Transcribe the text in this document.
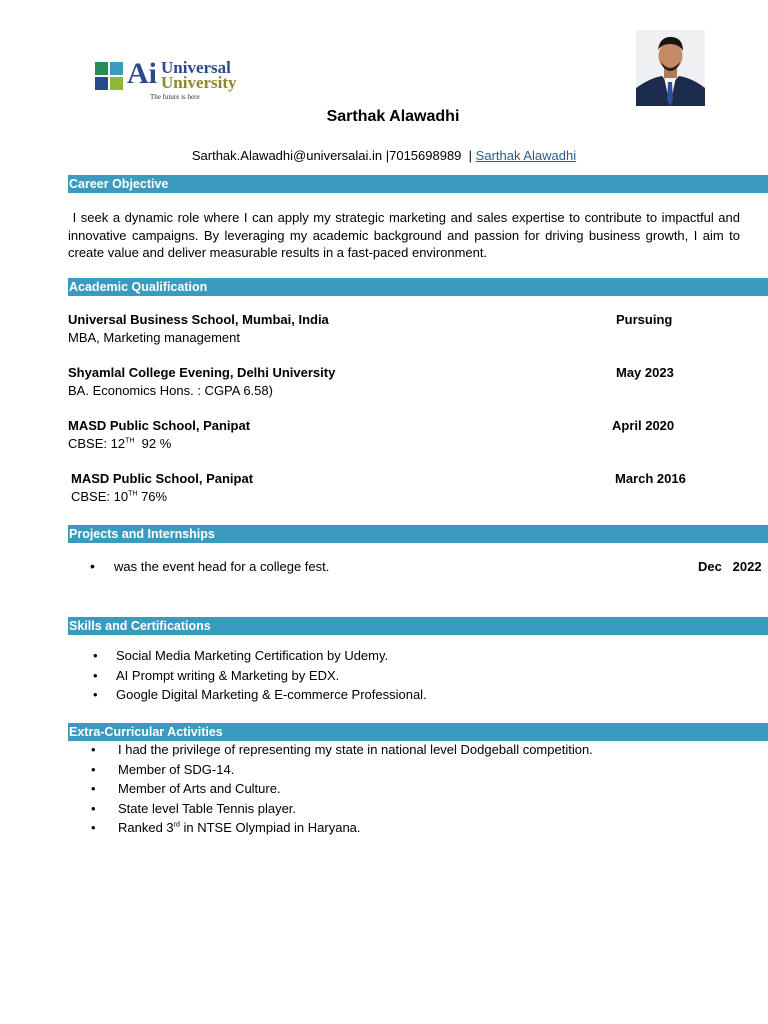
Ai Universal
University
The future is here
Sarthak Alawadhi
Sarthak.Alawadhi@universalai.in |7015698989 | Sarthak Alawadhi
Career Objective
I seek a dynamic role where I can apply my strategic marketing and sales expertise to contribute to impactful and innovative campaigns. By leveraging my academic background and passion for driving business growth, I aim to create value and deliver measurable results in a fast-paced environment.
Academic Qualification
Universal Business School, Mumbai, India	Pursuing
MBA, Marketing management
Shyamlal College Evening, Delhi University	May 2023
BA. Economics Hons. : CGPA 6.58)
MASD Public School, Panipat	April 2020
CBSE: 12TH 92 %
MASD Public School, Panipat	March 2016
CBSE: 10TH 76%
Projects and Internships
• was the event head for a college fest.	Dec   2022
Skills and Certifications
• Social Media Marketing Certification by Udemy.
• AI Prompt writing & Marketing by EDX.
• Google Digital Marketing & E-commerce Professional.
Extra-Curricular Activities
• I had the privilege of representing my state in national level Dodgeball competition.
• Member of SDG-14.
• Member of Arts and Culture.
• State level Table Tennis player.
• Ranked 3rd in NTSE Olympiad in Haryana.
